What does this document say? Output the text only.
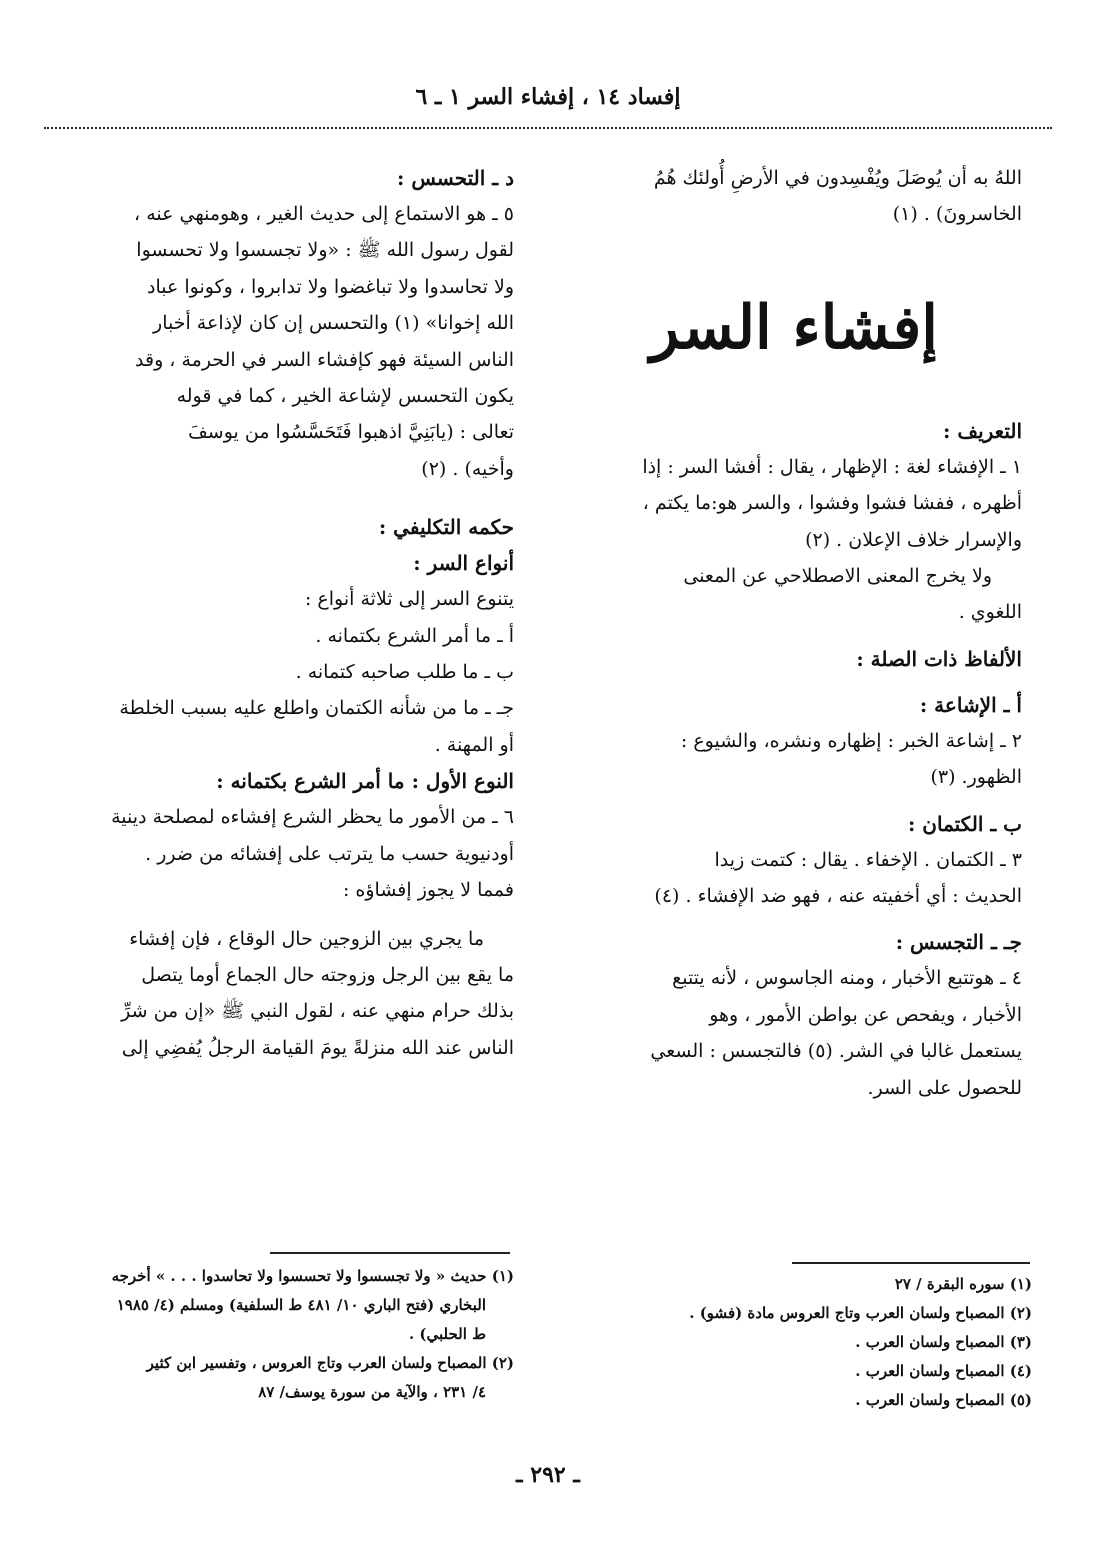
إفساد ١٤ ، إفشاء السر ١ ـ ٦
اللهُ به أن يُوصَلَ ويُفْسِدون في الأرضِ أُولئك هُمُ
الخاسرونَ) . (١)
إفشاء السر
التعريف :
١ ـ الإفشاء لغة : الإظهار ، يقال : أفشا السر : إذا
أظهره ، ففشا فشوا وفشوا ، والسر هو:ما يكتم ،
والإسرار خلاف الإعلان . (٢)
ولا يخرج المعنى الاصطلاحي عن المعنى
اللغوي .
الألفاظ ذات الصلة :
أ ـ الإشاعة :
٢ ـ إشاعة الخبر : إظهاره ونشره، والشيوع :
الظهور. (٣)
ب ـ الكتمان :
٣ ـ الكتمان . الإخفاء . يقال : كتمت زيدا
الحديث : أي أخفيته عنه ، فهو ضد الإفشاء . (٤)
جـ ـ التجسس :
٤ ـ هوتتبع الأخبار ، ومنه الجاسوس ، لأنه يتتبع
الأخبار ، ويفحص عن بواطن الأمور ، وهو
يستعمل غالبا في الشر. (٥) فالتجسس : السعي
للحصول على السر.
د ـ التحسس :
٥ ـ هو الاستماع إلى حديث الغير ، وهومنهي عنه ،
لقول رسول الله ﷺ : «ولا تجسسوا ولا تحسسوا
ولا تحاسدوا ولا تباغضوا ولا تدابروا ، وكونوا عباد
الله إخوانا» (١) والتحسس إن كان لإذاعة أخبار
الناس السيئة فهو كإفشاء السر في الحرمة ، وقد
يكون التحسس لإشاعة الخير ، كما في قوله
تعالى : (يابَنِيَّ اذهبوا فَتَحَسَّسُوا من يوسفَ
وأخيه) . (٢)
حكمه التكليفي :
أنواع السر :
يتنوع السر إلى ثلاثة أنواع :
أ ـ ما أمر الشرع بكتمانه .
ب ـ ما طلب صاحبه كتمانه .
جـ ـ ما من شأنه الكتمان واطلع عليه بسبب الخلطة
أو المهنة .
النوع الأول : ما أمر الشرع بكتمانه :
٦ ـ من الأمور ما يحظر الشرع إفشاءه لمصلحة دينية
أودنيوية حسب ما يترتب على إفشائه من ضرر .
فمما لا يجوز إفشاؤه :
ما يجري بين الزوجين حال الوقاع ، فإن إفشاء
ما يقع بين الرجل وزوجته حال الجماع أوما يتصل
بذلك حرام منهي عنه ، لقول النبي ﷺ «إن من شرِّ
الناس عند الله منزلةً يومَ القيامة الرجلُ يُفضِي إلى
(١) سوره البقرة / ٢٧
(٢) المصباح ولسان العرب وتاج العروس مادة (فشو) .
(٣) المصباح ولسان العرب .
(٤) المصباح ولسان العرب .
(٥) المصباح ولسان العرب .
(١) حديث « ولا تجسسوا ولا تحسسوا ولا تحاسدوا . . . » أخرجه
البخاري (فتح الباري ١٠/ ٤٨١ ط السلفية) ومسلم (٤/ ١٩٨٥
ط الحلبي) .
(٢) المصباح ولسان العرب وتاج العروس ، وتفسير ابن كثير
٤/ ٢٣١ ، والآية من سورة يوسف/ ٨٧
ـ ٢٩٢ ـ
